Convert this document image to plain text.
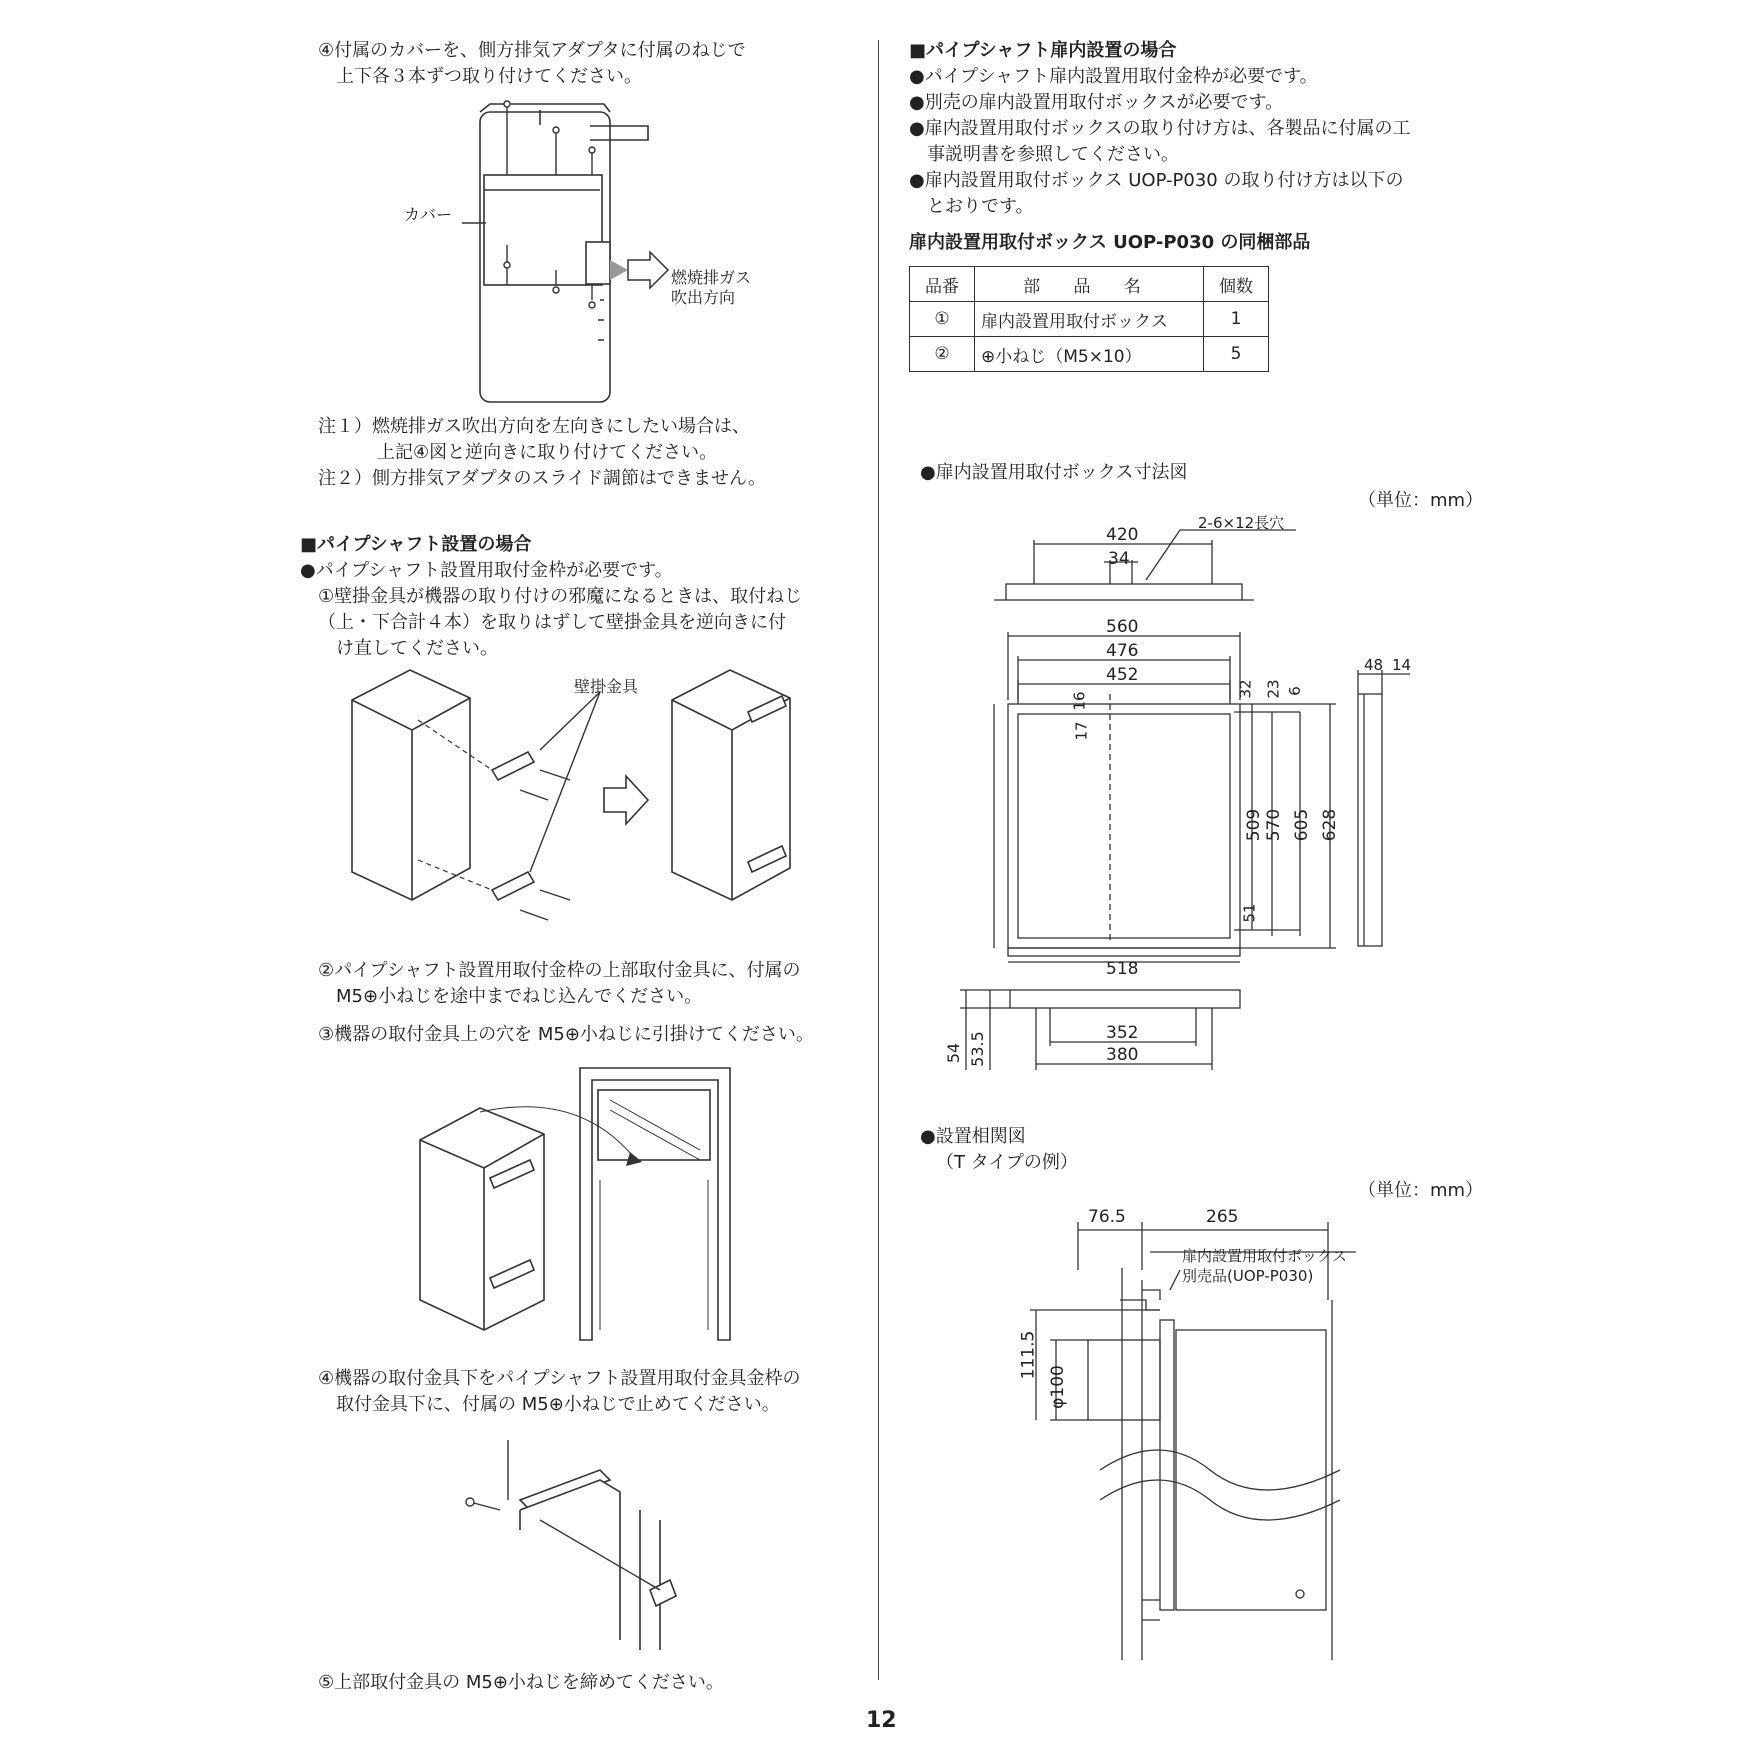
④付属のカバーを、側方排気アダプタに付属のねじで
上下各３本ずつ取り付けてください。
カバー
燃焼排ガス
吹出方向
注１）燃焼排ガス吹出方向を左向きにしたい場合は、
上記④図と逆向きに取り付けてください。
注２）側方排気アダプタのスライド調節はできません。
■パイプシャフト設置の場合
●パイプシャフト設置用取付金枠が必要です。
①壁掛金具が機器の取り付けの邪魔になるときは、取付ねじ
（上・下合計４本）を取りはずして壁掛金具を逆向きに付
け直してください。
壁掛金具
②パイプシャフト設置用取付金枠の上部取付金具に、付属の
M5⊕小ねじを途中までねじ込んでください。
③機器の取付金具上の穴を M5⊕小ねじに引掛けてください。
④機器の取付金具下をパイプシャフト設置用取付金具金枠の
取付金具下に、付属の M5⊕小ねじで止めてください。
⑤上部取付金具の M5⊕小ねじを締めてください。
■パイプシャフト扉内設置の場合
●パイプシャフト扉内設置用取付金枠が必要です。
●別売の扉内設置用取付ボックスが必要です。
●扉内設置用取付ボックスの取り付け方は、各製品に付属の工
事説明書を参照してください。
●扉内設置用取付ボックス UOP-P030 の取り付け方は以下の
とおりです。
扉内設置用取付ボックス UOP-P030 の同梱部品
品番	部 品 名	個数
①	扉内設置用取付ボックス	1
②	⊕小ねじ（M5×10）	5
●扉内設置用取付ボックス寸法図
（単位：mm）
420
34
2-6×12長穴
560
476
452
16
17
32 23 6
509 570 605 628
51
518
48 14
352
380
54 53.5
●設置相関図
（T タイプの例）
（単位：mm）
76.5	265
111.5
φ100
扉内設置用取付ボックス
別売品(UOP-P030)
12
